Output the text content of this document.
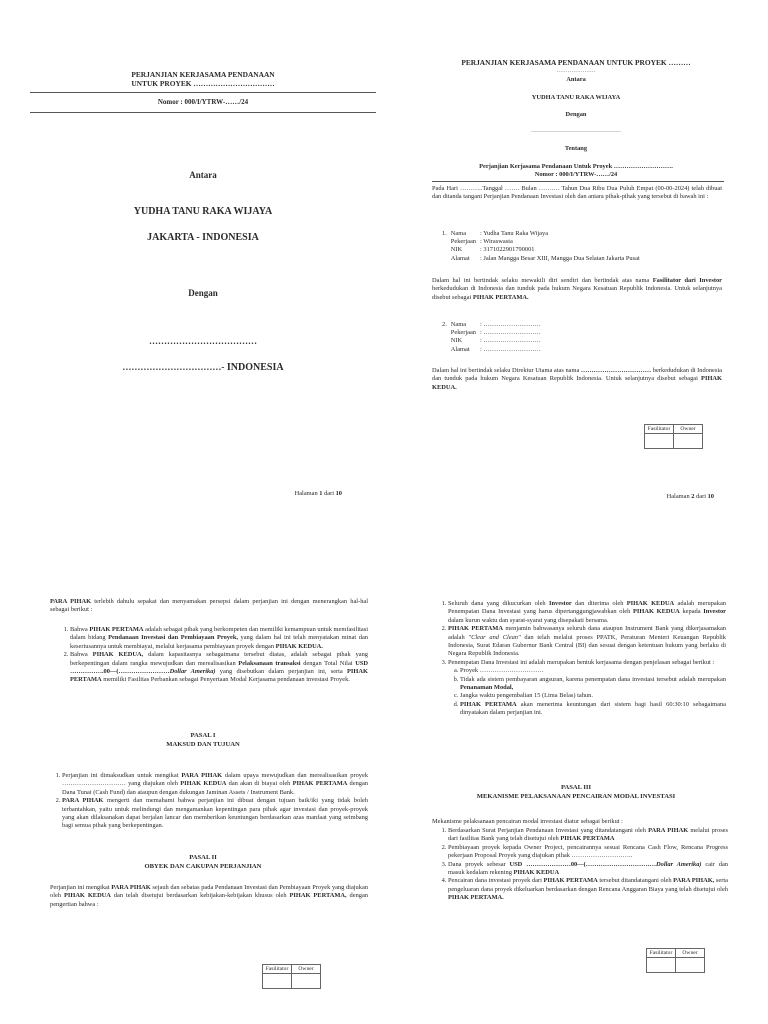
PERJANJIAN KERJASAMA PENDANAAN
UNTUK PROYEK ……………………………
Nomor : 000/I/YTRW-……/24
Antara
YUDHA TANU RAKA WIJAYA
JAKARTA - INDONESIA
Dengan
………………………………
……………………………- INDONESIA
Halaman 1 dari 10
PERJANJIAN KERJASAMA PENDANAAN UNTUK PROYEK ………
…………………
Antara
YUDHA TANU RAKA WIJAYA
Dengan
………………………………………
Tentang
Perjanjian Kerjasama Pendanaan Untuk Proyek ……………………….
Nomor : 000/I/YTRW-……/24
Pada Hari ………..Tanggal ……. Bulan ………. Tahun Dua Ribu Dua Puluh Empat (00-00-2024) telah dibuat dan ditanda tangani Perjanjian Pendanaan Investasi oleh dan antara pihak-pihak yang tersebut di bawah ini :
1.	Nama	: Yudha Tanu Raka Wijaya
	Pekerjaan	: Wiraswasta
	NIK	: 3171022901790001
	Alamat	: Jalan Mangga Besar XIII, Mangga Dua Selatan Jakarta Pusat
Dalam hal ini bertindak selaku mewakili diri sendiri dan bertindak atas nama Fasilitator dari Investor berkedudukan di Indonesia dan tunduk pada hukum Negara Kesatuan Republik Indonesia. Untuk selanjutnya disebut sebagai PIHAK PERTAMA.
2.	Nama	: ………………………
	Pekerjaan	: ………………………
	NIK	: ………………………
	Alamat	: ………………………
Dalam hal ini bertindak selaku Direktur Utama atas nama …………………………… berkedudukan di Indonesia dan tunduk pada hukum Negara Kesatuan Republik Indonesia. Untuk selanjutnya disebut sebagai PIHAK KEDUA.
Fasilitator	Owner

Halaman 2 dari 10
PARA PIHAK terlebih dahulu sepakat dan menyamakan persepsi dalam perjanjian ini dengan menerangkan hal-hal sebagai berikut :
1. Bahwa PIHAK PERTAMA adalah sebagai pihak yang berkompeten dan memiliki kemampuan untuk memfasilitasi dalam bidang Pendanaan Investasi dan Pembiayaan Proyek, yang dalam hal ini telah menyatakan minat dan keseriusannya untuk membiayai, melalui kerjasama pembiayaan proyek dengan PIHAK KEDUA.
2. Bahwa PIHAK KEDUA, dalam kapasitasnya sebagaimana tersebut diatas, adalah sebagai pihak yang berkepentingan dalam rangka mewujudkan dan merealisasikan Pelaksanaan transaksi dengan Total Nilai USD …………….00—(……………………Dollar Amerika) yang disebutkan dalam perjanjian ini, serta PIHAK PERTAMA memiliki Fasilitas Perbankan sebagai Penyertaan Modal Kerjasama pendanaan investasi Proyek.
PASAL I
MAKSUD DAN TUJUAN
1. Perjanjian ini dimaksudkan untuk mengikat PARA PIHAK dalam upaya mewujudkan dan merealisasikan proyek ………………………… yang diajukan oleh PIHAK KEDUA dan akan di biayai oleh PIHAK PERTAMA dengan Dana Tunai (Cash Fund) dan ataupun dengan dukungan Jaminan Assets / Instrument Bank.
2. PARA PIHAK mengerti dan memahami bahwa perjanjian ini dibuat dengan tujuan baik/iki yang tidak boleh terbantahkan, yaitu untuk melindungi dan mengamankan kepentingan para pihak agar investasi dan proyek-proyek yang akan dilaksanakan dapat berjalan lancar dan memberikan keuntungan berdasarkan azas manfaat yang seimbang bagi semua pihak yang berkepentingan.
PASAL II
OBYEK DAN CAKUPAN PERJANJIAN
Perjanjian ini mengikat PARA PIHAK sejauh dan sebatas pada Pendanaan Investasi dan Pembiayaan Proyek yang diajukan oleh PIHAK KEDUA dan telah disetujui berdasarkan kebijakan-kebijakan khusus oleh PIHAK PERTAMA, dengan pengertian bahwa :
Fasilitator	Owner

1. Seluruh dana yang dikucurkan oleh Investor dan diterima oleh PIHAK KEDUA adalah merupakan Penempatan Dana Investasi yang harus dipertanggungjawabkan oleh PIHAK KEDUA kepada Investor dalam kurun waktu dan syarat-syarat yang disepakati bersama.
2. PIHAK PERTAMA menjamin bahwasanya seluruh dana ataupun Instrument Bank yang dikerjasamakan adalah "Clear and Clean" dan telah melalui proses PPATK, Peraturan Menteri Keuangan Republik Indonesia, Surat Edaran Gubernur Bank Central (BI) dan sesuai dengan ketentuan hukum yang berlaku di Negara Republik Indonesia.
3. Penempatan Dana Investasi ini adalah merupakan bentuk kerjasama dengan penjelasan sebagai berikut :
a. Proyek …………………………
b. Tidak ada sistem pembayaran angsuran, karena penempatan dana investasi tersebut adalah merupakan Penanaman Modal,
c. Jangka waktu pengembalian 15 (Lima Belas) tahun.
d. PIHAK PERTAMA akan menerima keuntungan dari sistem bagi hasil 60:30:10 sebagaimana dinyatakan dalam perjanjian ini.
PASAL III
MEKANISME PELAKSANAAN PENCAIRAN MODAL INVESTASI
Mekanisme pelaksanaan pencairan modal investasi diatur sebagai berikut :
1. Berdasarkan Surat Perjanjian Pendanaan Investasi yang ditandatangani oleh PARA PIHAK melalui proses dari fasilitas Bank yang telah disetujui oleh PIHAK PERTAMA
2. Pembiayaan proyek kepada Owner Project, pencairannya sesuai Rencana Cash Flow, Rencana Progress pekerjaan Proposal Proyek yang diajukan pihak ………………………..
3. Dana proyek sebesar USD …………………00—(……………………………Dollar Amerika) cair dan masuk kedalam rekening PIHAK KEDUA
4. Pencairan dana investasi proyek dari PIHAK PERTAMA tersebut ditandatangani oleh PARA PIHAK, serta pengeluaran dana proyek dikeluarkan berdasarkan dengan Rencana Anggaran Biaya yang telah disetujui oleh PIHAK PERTAMA.
Fasilitator	Owner
